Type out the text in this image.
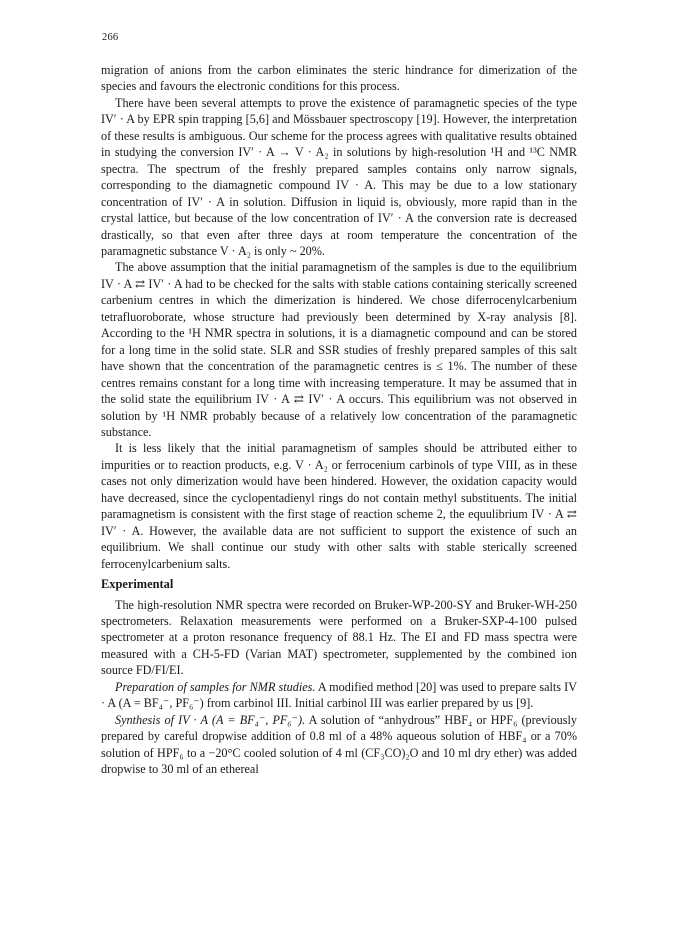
266

migration of anions from the carbon eliminates the steric hindrance for dimerization of the species and favours the electronic conditions for this process.

There have been several attempts to prove the existence of paramagnetic species of the type IV′ · A by EPR spin trapping [5,6] and Mössbauer spectroscopy [19]. However, the interpretation of these results is ambiguous. Our scheme for the process agrees with qualitative results obtained in studying the conversion IV′ · A → V · A₂ in solutions by high-resolution ¹H and ¹³C NMR spectra. The spectrum of the freshly prepared samples contains only narrow signals, corresponding to the diamagnetic compound IV · A. This may be due to a low stationary concentration of IV′ · A in solution. Diffusion in liquid is, obviously, more rapid than in the crystal lattice, but because of the low concentration of IV′ · A the conversion rate is decreased drastically, so that even after three days at room temperature the concentration of the paramagnetic substance V · A₂ is only ~ 20%.

The above assumption that the initial paramagnetism of the samples is due to the equilibrium IV · A ⇄ IV′ · A had to be checked for the salts with stable cations containing sterically screened carbenium centres in which the dimerization is hindered. We chose diferrocenylcarbenium tetrafluoroborate, whose structure had previously been determined by X-ray analysis [8]. According to the ¹H NMR spectra in solutions, it is a diamagnetic compound and can be stored for a long time in the solid state. SLR and SSR studies of freshly prepared samples of this salt have shown that the concentration of the paramagnetic centres is ≤ 1%. The number of these centres remains constant for a long time with increasing temperature. It may be assumed that in the solid state the equilibrium IV · A ⇄ IV′ · A occurs. This equilibrium was not observed in solution by ¹H NMR probably because of a relatively low concentration of the paramagnetic substance.

It is less likely that the initial paramagnetism of samples should be attributed either to impurities or to reaction products, e.g. V · A₂ or ferrocenium carbinols of type VIII, as in these cases not only dimerization would have been hindered. However, the oxidation capacity would have decreased, since the cyclopentadienyl rings do not contain methyl substituents. The initial paramagnetism is consistent with the first stage of reaction scheme 2, the equulibrium IV · A ⇄ IV′ · A. However, the available data are not sufficient to support the existence of such an equilibrium. We shall continue our study with other salts with stable sterically screened ferrocenylcarbenium salts.

Experimental

The high-resolution NMR spectra were recorded on Bruker-WP-200-SY and Bruker-WH-250 spectrometers. Relaxation measurements were performed on a Bruker-SXP-4-100 pulsed spectrometer at a proton resonance frequency of 88.1 Hz. The EI and FD mass spectra were measured with a CH-5-FD (Varian MAT) spectrometer, supplemented by the combined ion source FD/FI/EI.

Preparation of samples for NMR studies. A modified method [20] was used to prepare salts IV · A (A = BF₄⁻, PF₆⁻) from carbinol III. Initial carbinol III was earlier prepared by us [9].

Synthesis of IV · A (A = BF₄⁻, PF₆⁻). A solution of “anhydrous” HBF₄ or HPF₆ (previously prepared by careful dropwise addition of 0.8 ml of a 48% aqueous solution of HBF₄ or a 70% solution of HPF₆ to a −20°C cooled solution of 4 ml (CF₃CO)₂O and 10 ml dry ether) was added dropwise to 30 ml of an ethereal
